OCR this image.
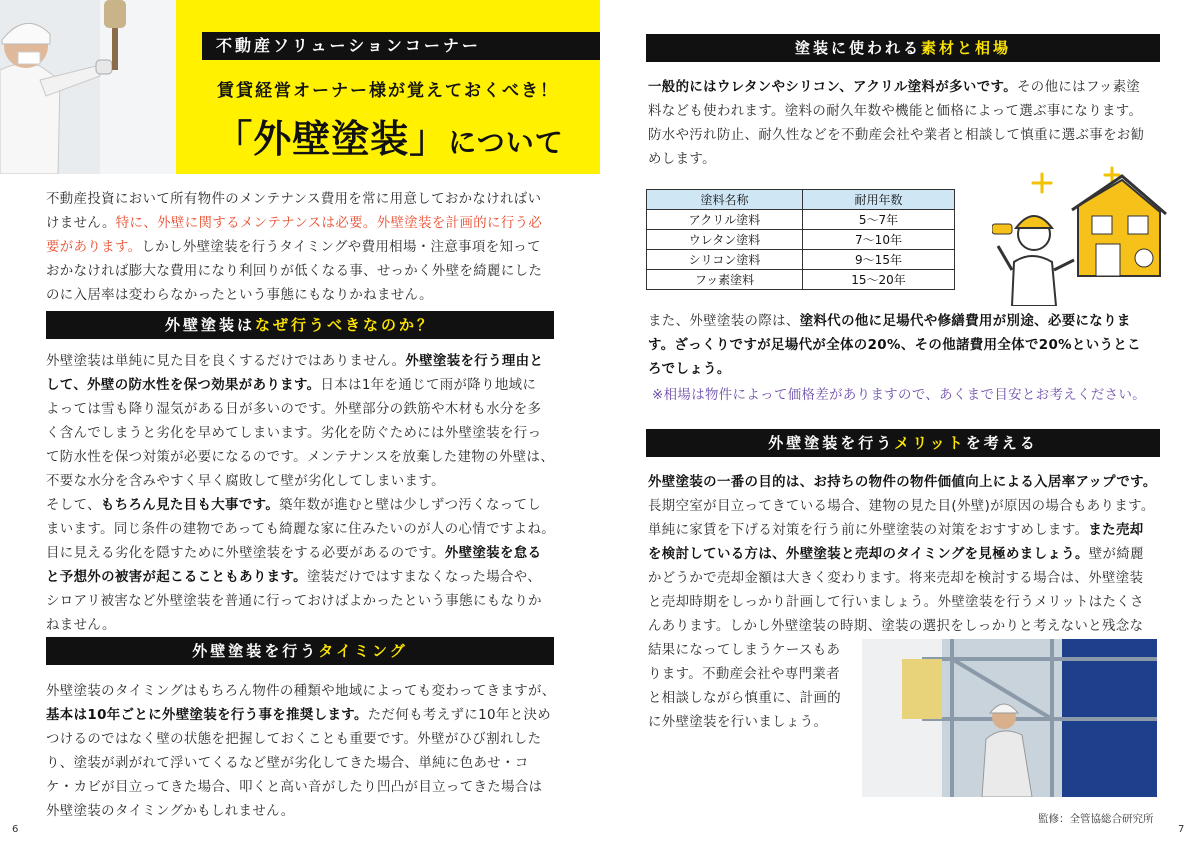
不動産ソリューションコーナー
賃貸経営オーナー様が覚えておくべき！
「外壁塗装」について
不動産投資において所有物件のメンテナンス費用を常に用意しておかなければい
けません。特に、外壁に関するメンテナンスは必要。外壁塗装を計画的に行う必
要があります。しかし外壁塗装を行うタイミングや費用相場・注意事項を知って
おかなければ膨大な費用になり利回りが低くなる事、せっかく外壁を綺麗にした
のに入居率は変わらなかったという事態にもなりかねません。
外壁塗装はなぜ行うべきなのか？
外壁塗装は単純に見た目を良くするだけではありません。外壁塗装を行う理由と
して、外壁の防水性を保つ効果があります。日本は1年を通じて雨が降り地域に
よっては雪も降り湿気がある日が多いのです。外壁部分の鉄筋や木材も水分を多
く含んでしまうと劣化を早めてしまいます。劣化を防ぐためには外壁塗装を行っ
て防水性を保つ対策が必要になるのです。メンテナンスを放棄した建物の外壁は、
不要な水分を含みやすく早く腐敗して壁が劣化してしまいます。
そして、もちろん見た目も大事です。築年数が進むと壁は少しずつ汚くなってし
まいます。同じ条件の建物であっても綺麗な家に住みたいのが人の心情ですよね。
目に見える劣化を隠すために外壁塗装をする必要があるのです。外壁塗装を怠る
と予想外の被害が起こることもあります。塗装だけではすまなくなった場合や、
シロアリ被害など外壁塗装を普通に行っておけばよかったという事態にもなりか
ねません。
外壁塗装を行うタイミング
外壁塗装のタイミングはもちろん物件の種類や地域によっても変わってきますが、
基本は10年ごとに外壁塗装を行う事を推奨します。ただ何も考えずに10年と決め
つけるのではなく壁の状態を把握しておくことも重要です。外壁がひび割れした
り、塗装が剥がれて浮いてくるなど壁が劣化してきた場合、単純に色あせ・コ
ケ・カビが目立ってきた場合、叩くと高い音がしたり凹凸が目立ってきた場合は
外壁塗装のタイミングかもしれません。
6
塗装に使われる素材と相場
一般的にはウレタンやシリコン、アクリル塗料が多いです。その他にはフッ素塗
料なども使われます。塗料の耐久年数や機能と価格によって選ぶ事になります。
防水や汚れ防止、耐久性などを不動産会社や業者と相談して慎重に選ぶ事をお勧
めします。
塗料名称	耐用年数
アクリル塗料	5〜7年
ウレタン塗料	7〜10年
シリコン塗料	9〜15年
フッ素塗料	15〜20年
また、外壁塗装の際は、塗料代の他に足場代や修繕費用が別途、必要になりま
す。ざっくりですが足場代が全体の20%、その他諸費用全体で20%というとこ
ろでしょう。
※相場は物件によって価格差がありますので、あくまで目安とお考えください。
外壁塗装を行うメリットを考える
外壁塗装の一番の目的は、お持ちの物件の物件価値向上による入居率アップです。
長期空室が目立ってきている場合、建物の見た目(外壁)が原因の場合もあります。
単純に家賃を下げる対策を行う前に外壁塗装の対策をおすすめします。また売却
を検討している方は、外壁塗装と売却のタイミングを見極めましょう。壁が綺麗
かどうかで売却金額は大きく変わります。将来売却を検討する場合は、外壁塗装
と売却時期をしっかり計画して行いましょう。外壁塗装を行うメリットはたくさ
んあります。しかし外壁塗装の時期、塗装の選択をしっかりと考えないと残念な
結果になってしまうケースもあ
ります。不動産会社や専門業者
と相談しながら慎重に、計画的
に外壁塗装を行いましょう。
監修：全管協総合研究所
7
